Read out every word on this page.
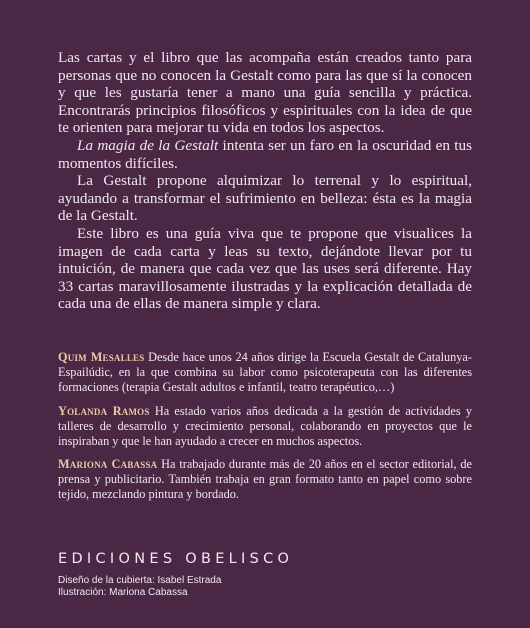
Las cartas y el libro que las acompaña están creados tanto para personas que no conocen la Gestalt como para las que sí la conocen y que les gustaría tener a mano una guía sencilla y práctica. Encontrarás principios filosóficos y espirituales con la idea de que te orienten para mejorar tu vida en todos los aspectos.

La magia de la Gestalt intenta ser un faro en la oscuridad en tus momentos difíciles.

La Gestalt propone alquimizar lo terrenal y lo espiritual, ayudando a transformar el sufrimiento en belleza: ésta es la magia de la Gestalt.

Este libro es una guía viva que te propone que visualices la imagen de cada carta y leas su texto, dejándote llevar por tu intuición, de manera que cada vez que las uses será diferente. Hay 33 cartas maravillosamente ilustradas y la explicación detallada de cada una de ellas de manera simple y clara.

Quim Mesalles Desde hace unos 24 años dirige la Escuela Gestalt de Catalunya-Espailúdic, en la que combina su labor como psicoterapeuta con las diferentes formaciones (terapia Gestalt adultos e infantil, teatro terapéutico,…)

Yolanda Ramos Ha estado varios años dedicada a la gestión de actividades y talleres de desarrollo y crecimiento personal, colaborando en proyectos que le inspiraban y que le han ayudado a crecer en muchos aspectos.

Mariona Cabassa Ha trabajado durante más de 20 años en el sector editorial, de prensa y publicitario. También trabaja en gran formato tanto en papel como sobre tejido, mezclando pintura y bordado.

EDICIONES OBELISCO
Diseño de la cubierta: Isabel Estrada
Ilustración: Mariona Cabassa
